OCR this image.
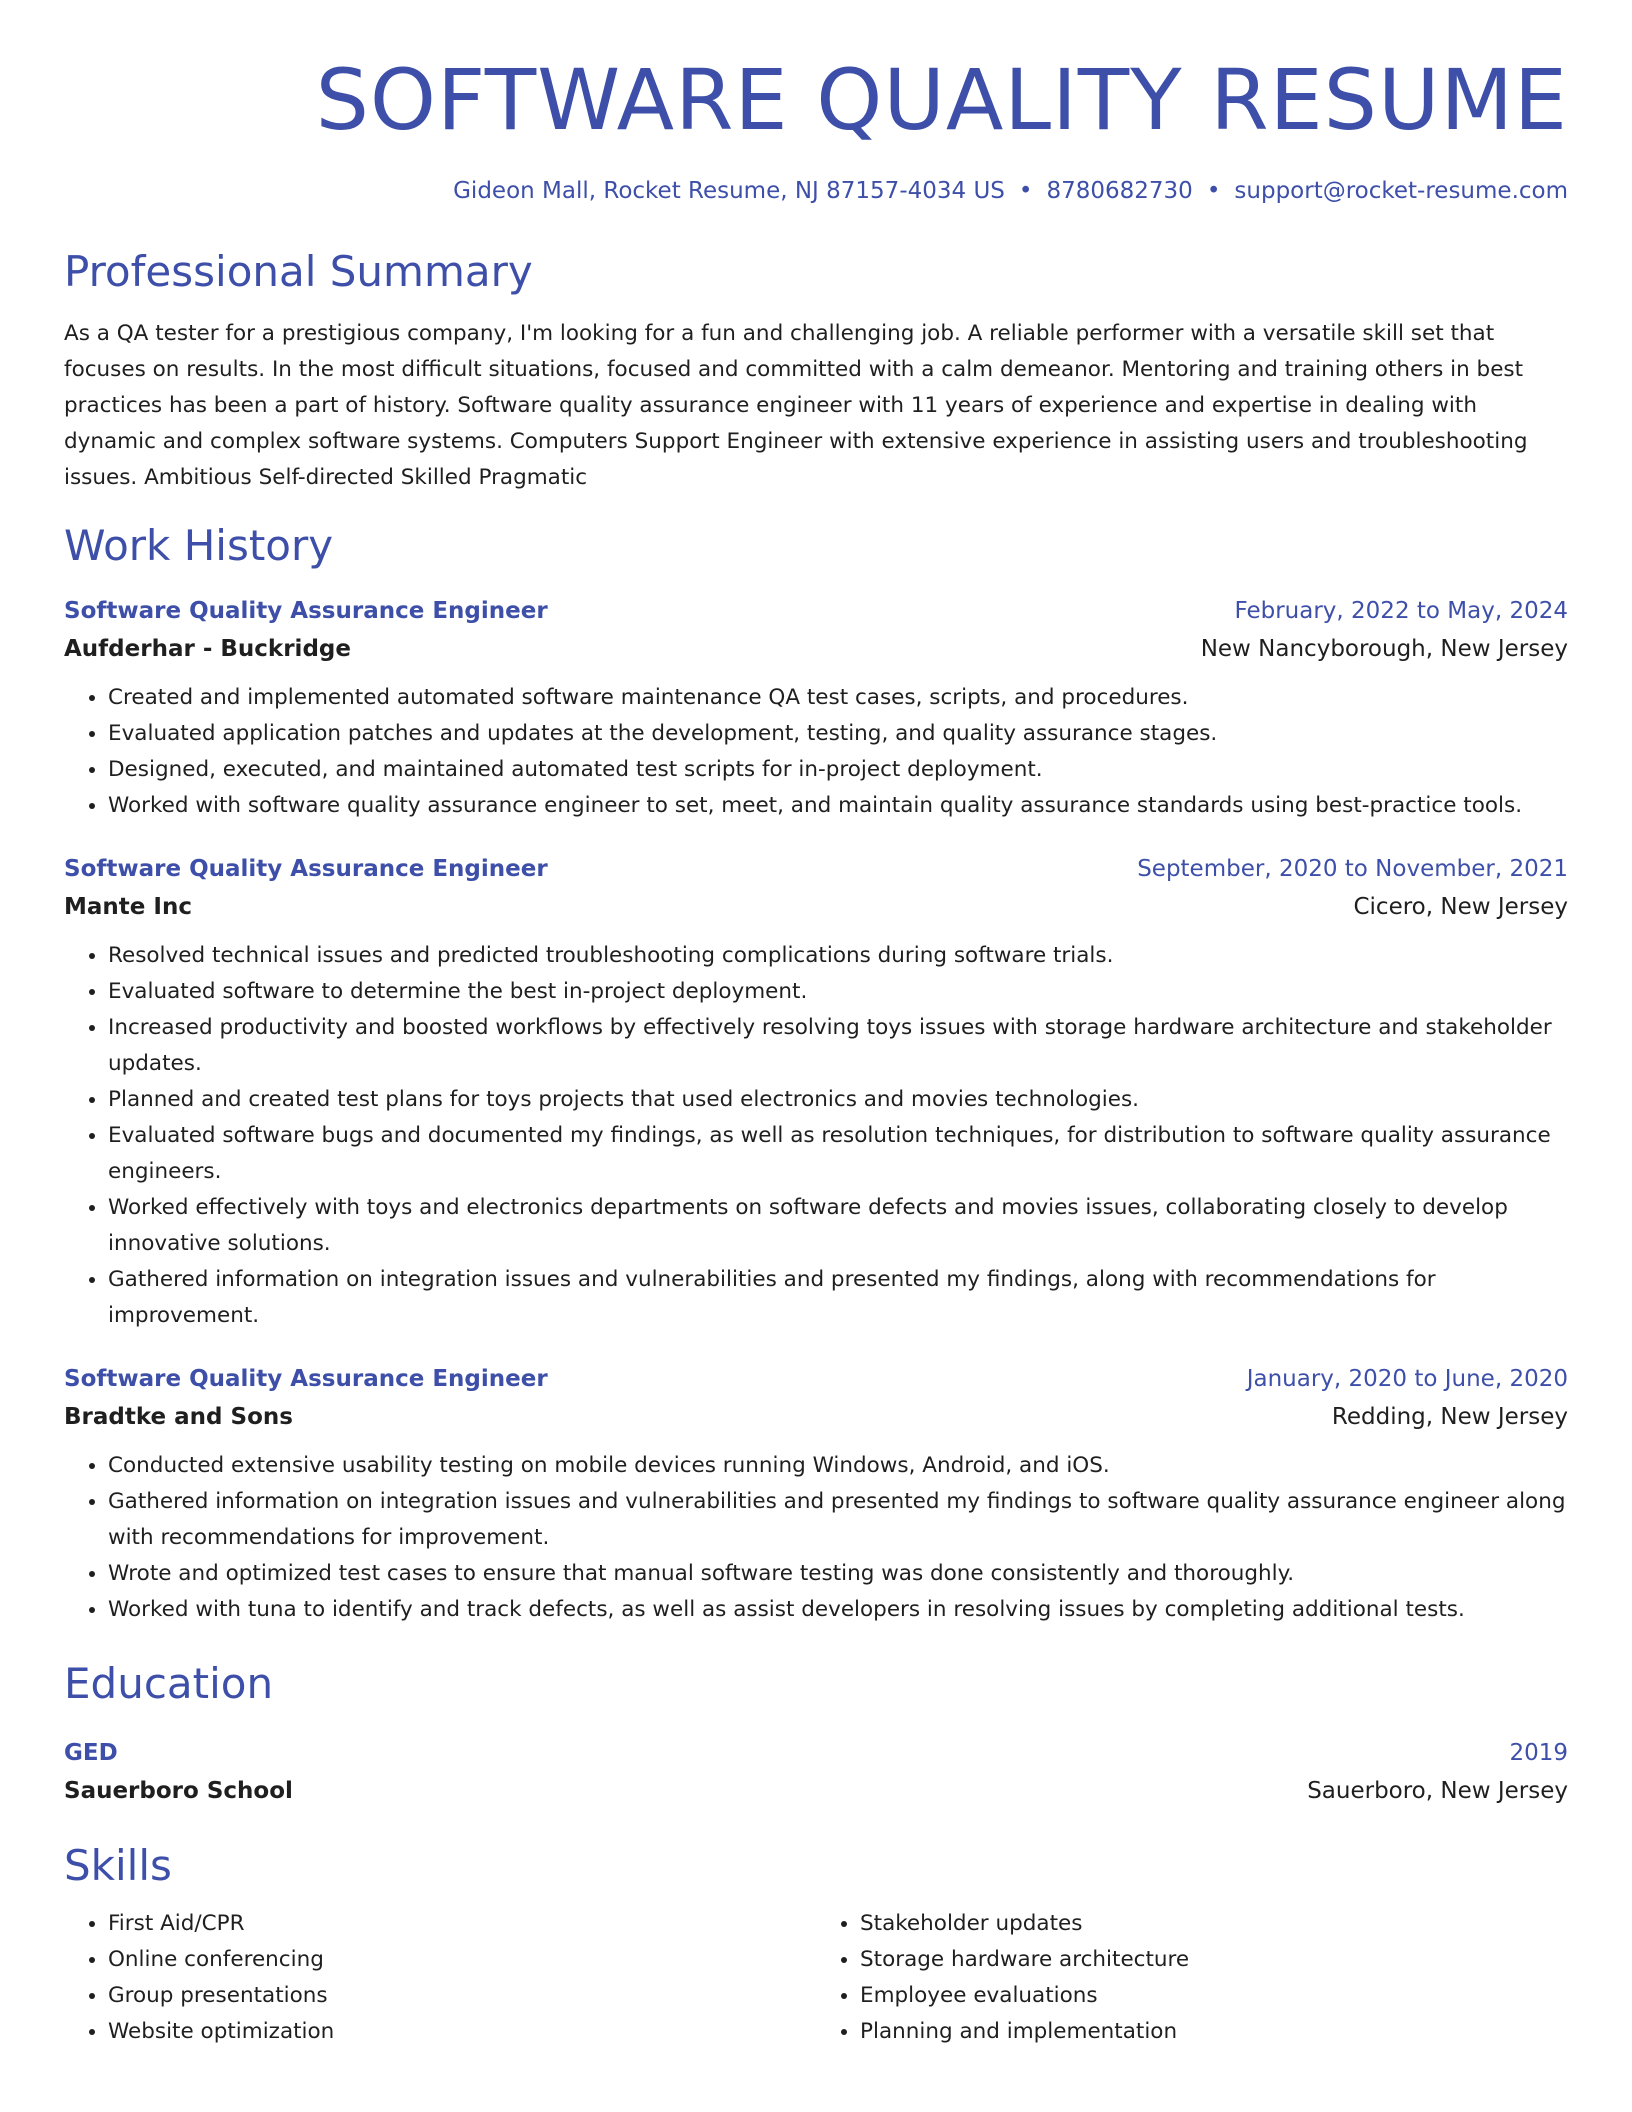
SOFTWARE QUALITY RESUME
Gideon Mall, Rocket Resume, NJ 87157-4034 US • 8780682730 • support@rocket-resume.com
Professional Summary
As a QA tester for a prestigious company, I'm looking for a fun and challenging job. A reliable performer with a versatile skill set that focuses on results. In the most difficult situations, focused and committed with a calm demeanor. Mentoring and training others in best practices has been a part of history. Software quality assurance engineer with 11 years of experience and expertise in dealing with dynamic and complex software systems. Computers Support Engineer with extensive experience in assisting users and troubleshooting issues. Ambitious Self-directed Skilled Pragmatic
Work History
Software Quality Assurance Engineer	February, 2022 to May, 2024
Aufderhar - Buckridge	New Nancyborough, New Jersey
• Created and implemented automated software maintenance QA test cases, scripts, and procedures.
• Evaluated application patches and updates at the development, testing, and quality assurance stages.
• Designed, executed, and maintained automated test scripts for in-project deployment.
• Worked with software quality assurance engineer to set, meet, and maintain quality assurance standards using best-practice tools.
Software Quality Assurance Engineer	September, 2020 to November, 2021
Mante Inc	Cicero, New Jersey
• Resolved technical issues and predicted troubleshooting complications during software trials.
• Evaluated software to determine the best in-project deployment.
• Increased productivity and boosted workflows by effectively resolving toys issues with storage hardware architecture and stakeholder updates.
• Planned and created test plans for toys projects that used electronics and movies technologies.
• Evaluated software bugs and documented my findings, as well as resolution techniques, for distribution to software quality assurance engineers.
• Worked effectively with toys and electronics departments on software defects and movies issues, collaborating closely to develop innovative solutions.
• Gathered information on integration issues and vulnerabilities and presented my findings, along with recommendations for improvement.
Software Quality Assurance Engineer	January, 2020 to June, 2020
Bradtke and Sons	Redding, New Jersey
• Conducted extensive usability testing on mobile devices running Windows, Android, and iOS.
• Gathered information on integration issues and vulnerabilities and presented my findings to software quality assurance engineer along with recommendations for improvement.
• Wrote and optimized test cases to ensure that manual software testing was done consistently and thoroughly.
• Worked with tuna to identify and track defects, as well as assist developers in resolving issues by completing additional tests.
Education
GED	2019
Sauerboro School	Sauerboro, New Jersey
Skills
• First Aid/CPR
• Online conferencing
• Group presentations
• Website optimization
• Stakeholder updates
• Storage hardware architecture
• Employee evaluations
• Planning and implementation
